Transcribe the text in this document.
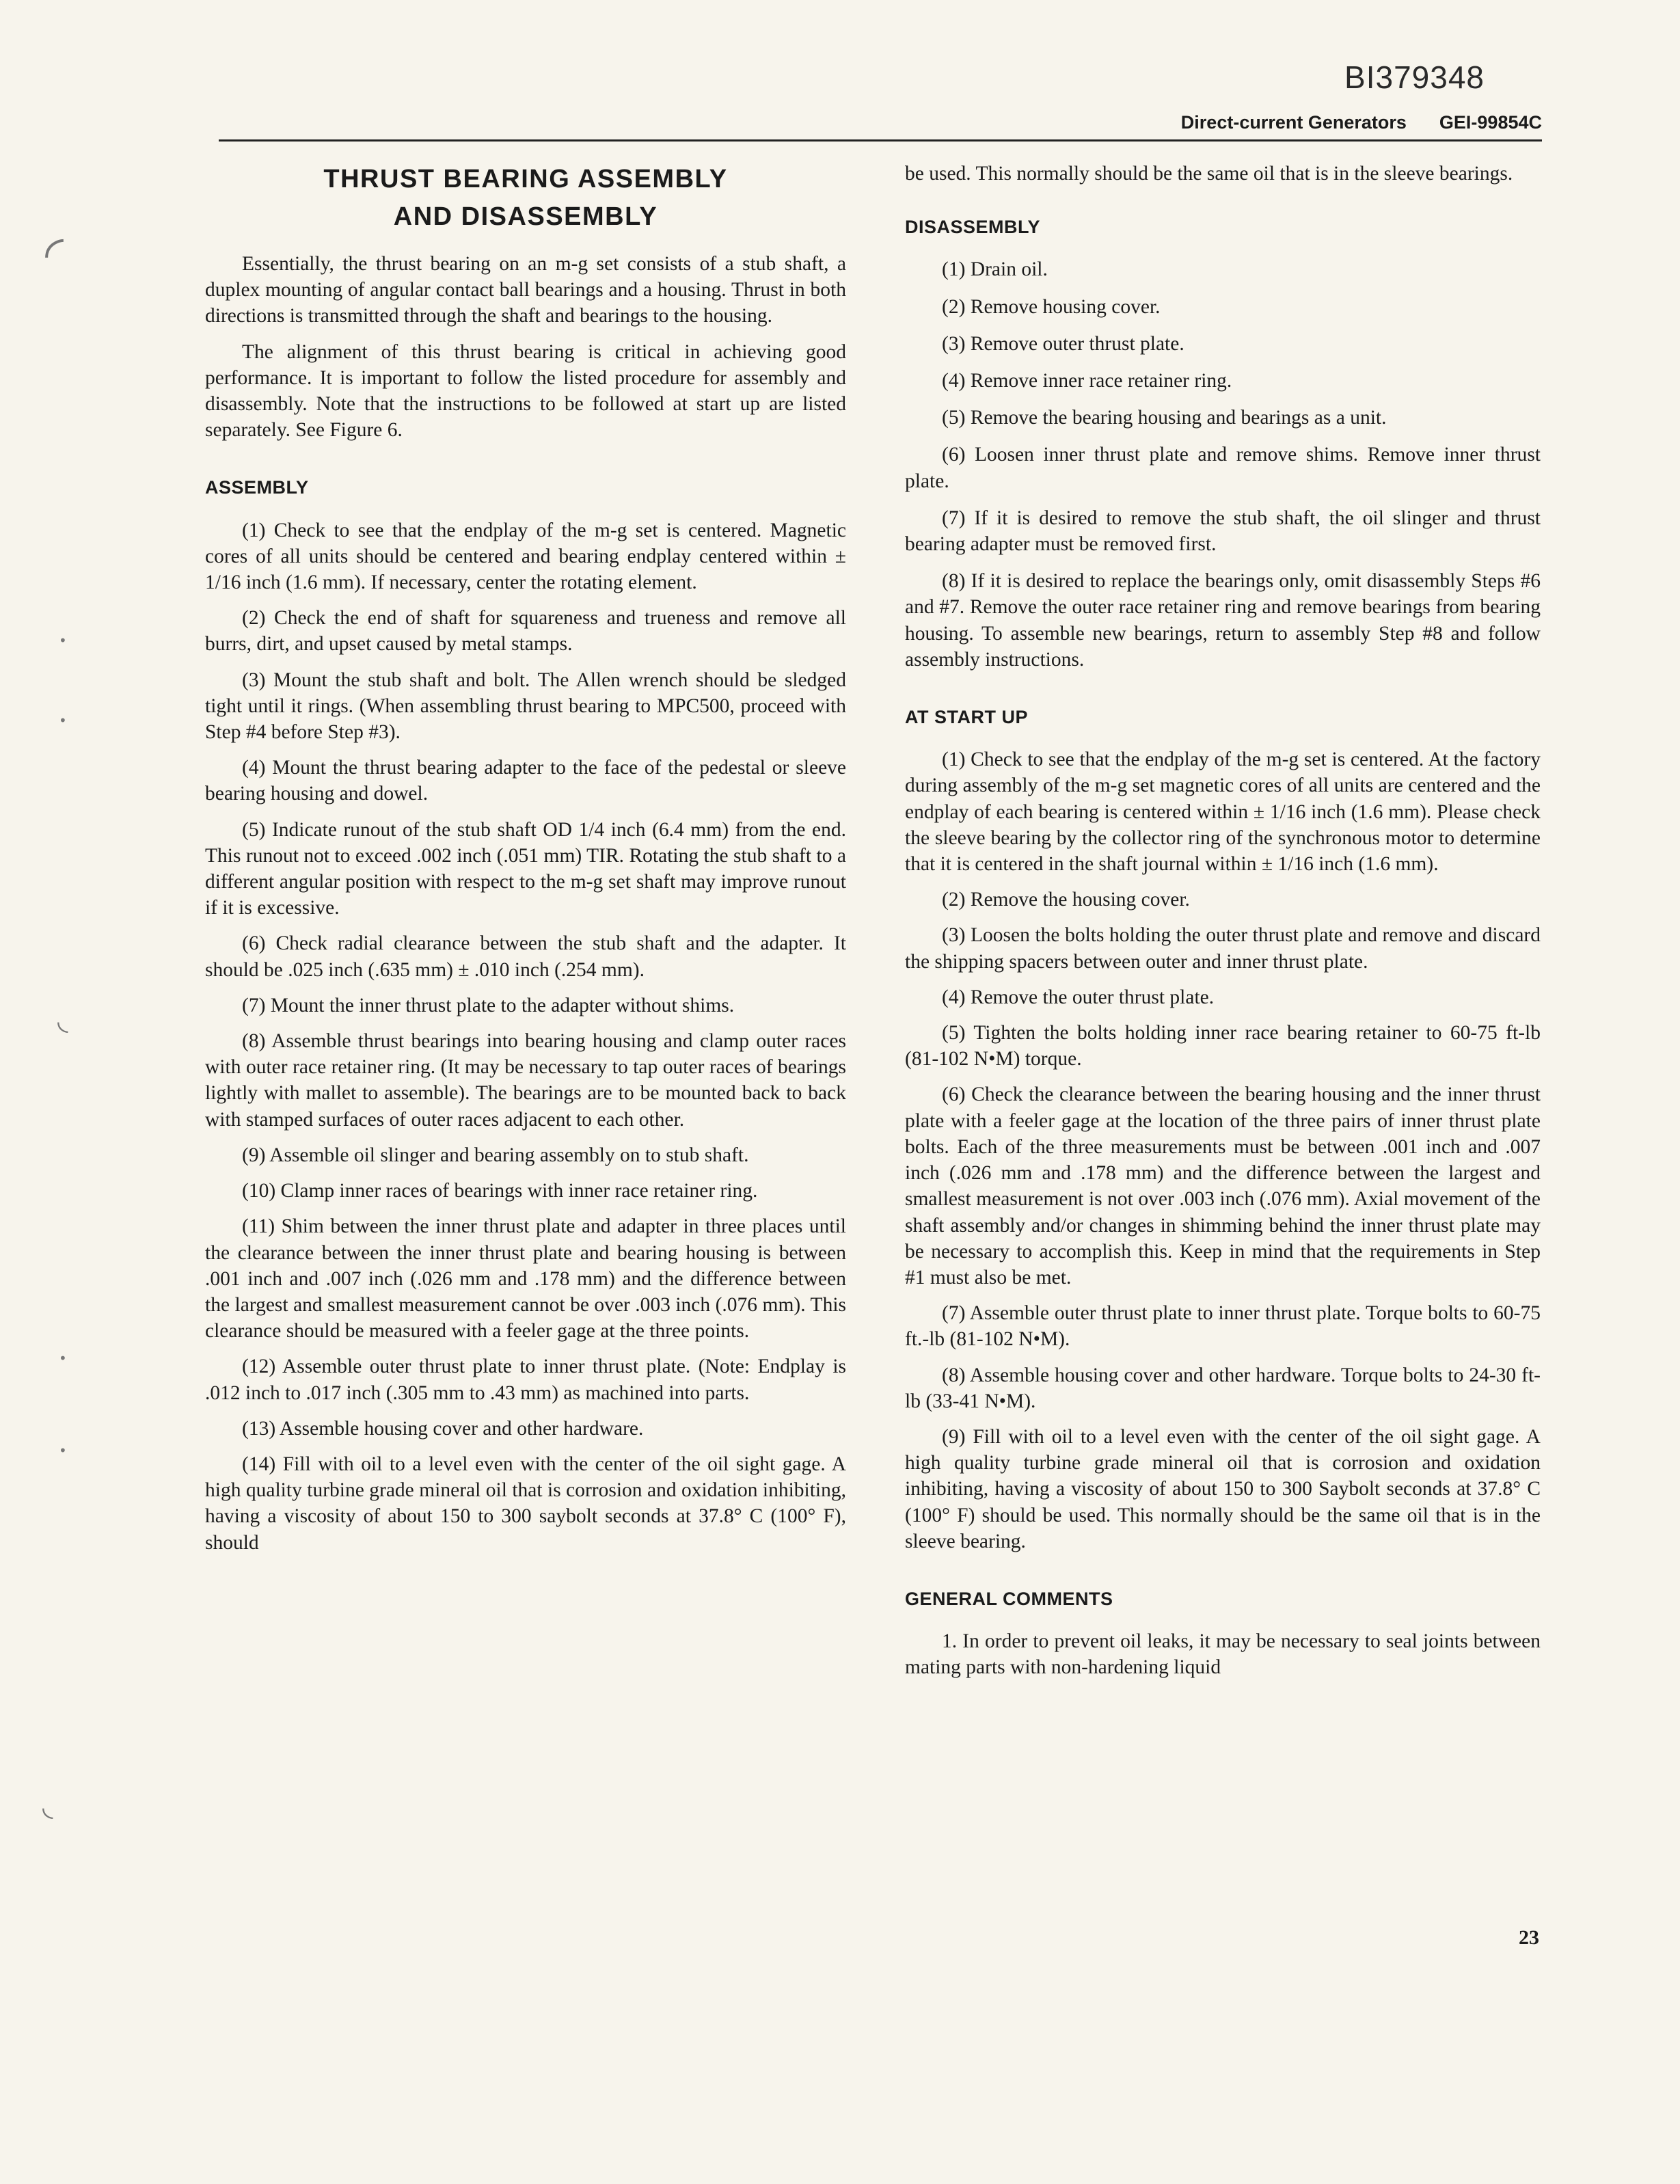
BI379348
Direct-current Generators GEI-99854C
◜
◟
◟
•
•
•
•
THRUST BEARING ASSEMBLY
AND DISASSEMBLY

Essentially, the thrust bearing on an m-g set consists of a stub shaft, a duplex mounting of angular contact ball bearings and a housing. Thrust in both directions is transmitted through the shaft and bearings to the housing.

The alignment of this thrust bearing is critical in achieving good performance. It is important to follow the listed procedure for assembly and disassembly. Note that the instructions to be followed at start up are listed separately. See Figure 6.

ASSEMBLY

(1) Check to see that the endplay of the m-g set is centered. Magnetic cores of all units should be centered and bearing endplay centered within ± 1/16 inch (1.6 mm). If necessary, center the rotating element.

(2) Check the end of shaft for squareness and trueness and remove all burrs, dirt, and upset caused by metal stamps.

(3) Mount the stub shaft and bolt. The Allen wrench should be sledged tight until it rings. (When assembling thrust bearing to MPC500, proceed with Step #4 before Step #3).

(4) Mount the thrust bearing adapter to the face of the pedestal or sleeve bearing housing and dowel.

(5) Indicate runout of the stub shaft OD 1/4 inch (6.4 mm) from the end. This runout not to exceed .002 inch (.051 mm) TIR. Rotating the stub shaft to a different angular position with respect to the m-g set shaft may improve runout if it is excessive.

(6) Check radial clearance between the stub shaft and the adapter. It should be .025 inch (.635 mm) ± .010 inch (.254 mm).

(7) Mount the inner thrust plate to the adapter without shims.

(8) Assemble thrust bearings into bearing housing and clamp outer races with outer race retainer ring. (It may be necessary to tap outer races of bearings lightly with mallet to assemble). The bearings are to be mounted back to back with stamped surfaces of outer races adjacent to each other.

(9) Assemble oil slinger and bearing assembly on to stub shaft.

(10) Clamp inner races of bearings with inner race retainer ring.

(11) Shim between the inner thrust plate and adapter in three places until the clearance between the inner thrust plate and bearing housing is between .001 inch and .007 inch (.026 mm and .178 mm) and the difference between the largest and smallest measurement cannot be over .003 inch (.076 mm). This clearance should be measured with a feeler gage at the three points.

(12) Assemble outer thrust plate to inner thrust plate. (Note: Endplay is .012 inch to .017 inch (.305 mm to .43 mm) as machined into parts.

(13) Assemble housing cover and other hardware.

(14) Fill with oil to a level even with the center of the oil sight gage. A high quality turbine grade mineral oil that is corrosion and oxidation inhibiting, having a viscosity of about 150 to 300 saybolt seconds at 37.8° C (100° F), should

be used. This normally should be the same oil that is in the sleeve bearings.

DISASSEMBLY

(1) Drain oil.

(2) Remove housing cover.

(3) Remove outer thrust plate.

(4) Remove inner race retainer ring.

(5) Remove the bearing housing and bearings as a unit.

(6) Loosen inner thrust plate and remove shims. Remove inner thrust plate.

(7) If it is desired to remove the stub shaft, the oil slinger and thrust bearing adapter must be removed first.

(8) If it is desired to replace the bearings only, omit disassembly Steps #6 and #7. Remove the outer race retainer ring and remove bearings from bearing housing. To assemble new bearings, return to assembly Step #8 and follow assembly instructions.

AT START UP

(1) Check to see that the endplay of the m-g set is centered. At the factory during assembly of the m-g set magnetic cores of all units are centered and the endplay of each bearing is centered within ± 1/16 inch (1.6 mm). Please check the sleeve bearing by the collector ring of the synchronous motor to determine that it is centered in the shaft journal within ± 1/16 inch (1.6 mm).

(2) Remove the housing cover.

(3) Loosen the bolts holding the outer thrust plate and remove and discard the shipping spacers between outer and inner thrust plate.

(4) Remove the outer thrust plate.

(5) Tighten the bolts holding inner race bearing retainer to 60-75 ft-lb (81-102 N•M) torque.

(6) Check the clearance between the bearing housing and the inner thrust plate with a feeler gage at the location of the three pairs of inner thrust plate bolts. Each of the three measurements must be between .001 inch and .007 inch (.026 mm and .178 mm) and the difference between the largest and smallest measurement is not over .003 inch (.076 mm). Axial movement of the shaft assembly and/or changes in shimming behind the inner thrust plate may be necessary to accomplish this. Keep in mind that the requirements in Step #1 must also be met.

(7) Assemble outer thrust plate to inner thrust plate. Torque bolts to 60-75 ft.-lb (81-102 N•M).

(8) Assemble housing cover and other hardware. Torque bolts to 24-30 ft-lb (33-41 N•M).

(9) Fill with oil to a level even with the center of the oil sight gage. A high quality turbine grade mineral oil that is corrosion and oxidation inhibiting, having a viscosity of about 150 to 300 Saybolt seconds at 37.8° C (100° F) should be used. This normally should be the same oil that is in the sleeve bearing.

GENERAL COMMENTS

1. In order to prevent oil leaks, it may be necessary to seal joints between mating parts with non-hardening liquid

23
